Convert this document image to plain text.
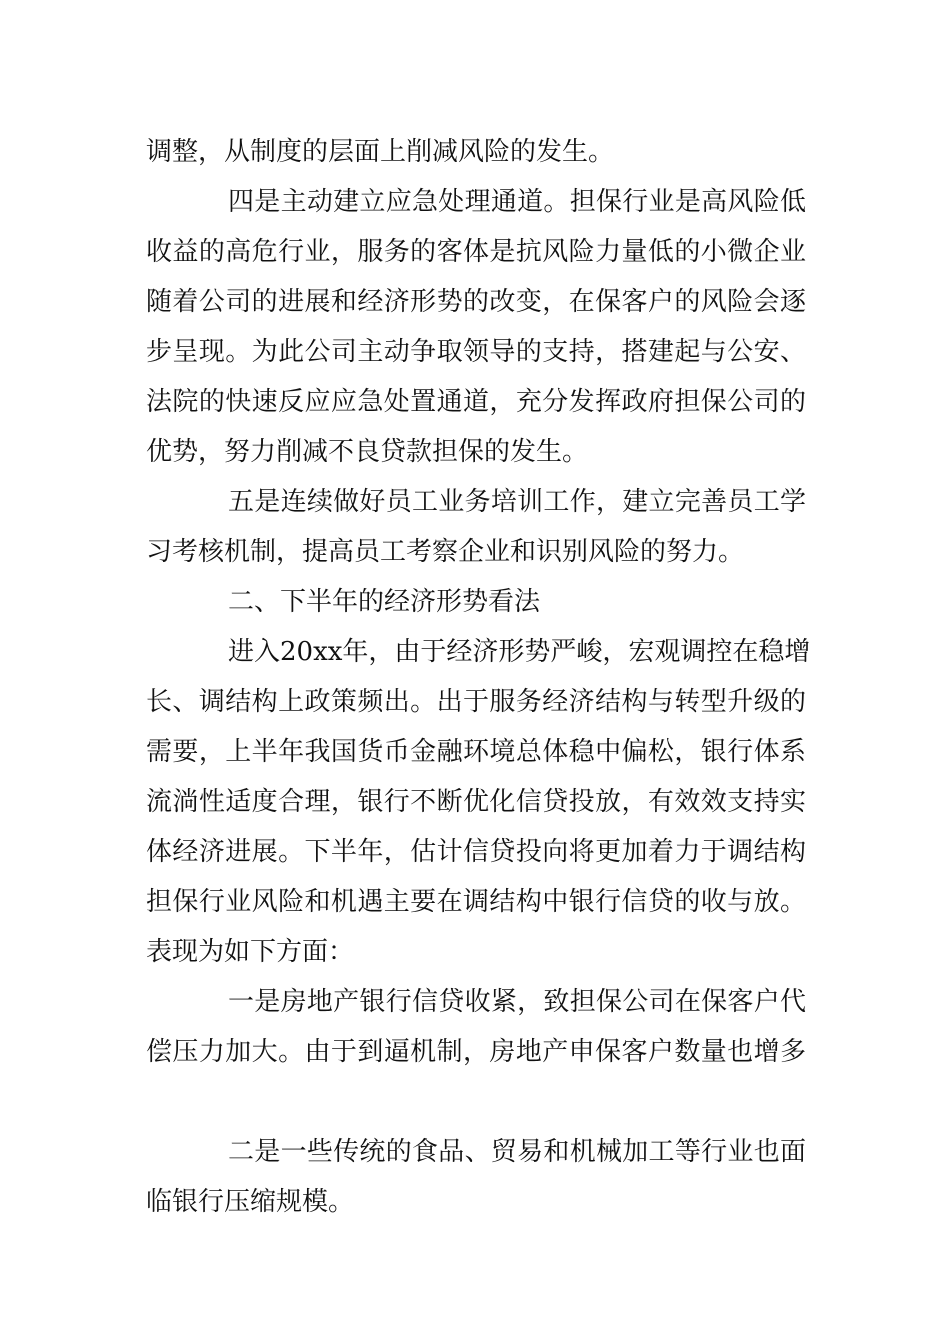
调整，从制度的层面上削减风险的发生。
四是主动建立应急处理通道。担保行业是高风险低
收益的高危行业，服务的客体是抗风险力量低的小微企业
随着公司的进展和经济形势的改变，在保客户的风险会逐
步呈现。为此公司主动争取领导的支持，搭建起与公安、
法院的快速反应应急处置通道，充分发挥政府担保公司的
优势，努力削减不良贷款担保的发生。
五是连续做好员工业务培训工作，建立完善员工学
习考核机制，提高员工考察企业和识别风险的努力。
二、下半年的经济形势看法
进入20xx年，由于经济形势严峻，宏观调控在稳增
长、调结构上政策频出。出于服务经济结构与转型升级的
需要，上半年我国货币金融环境总体稳中偏松，银行体系
流淌性适度合理，银行不断优化信贷投放，有效效支持实
体经济进展。下半年，估计信贷投向将更加着力于调结构
担保行业风险和机遇主要在调结构中银行信贷的收与放。
表现为如下方面：
一是房地产银行信贷收紧，致担保公司在保客户代
偿压力加大。由于到逼机制，房地产申保客户数量也增多
二是一些传统的食品、贸易和机械加工等行业也面
临银行压缩规模。
